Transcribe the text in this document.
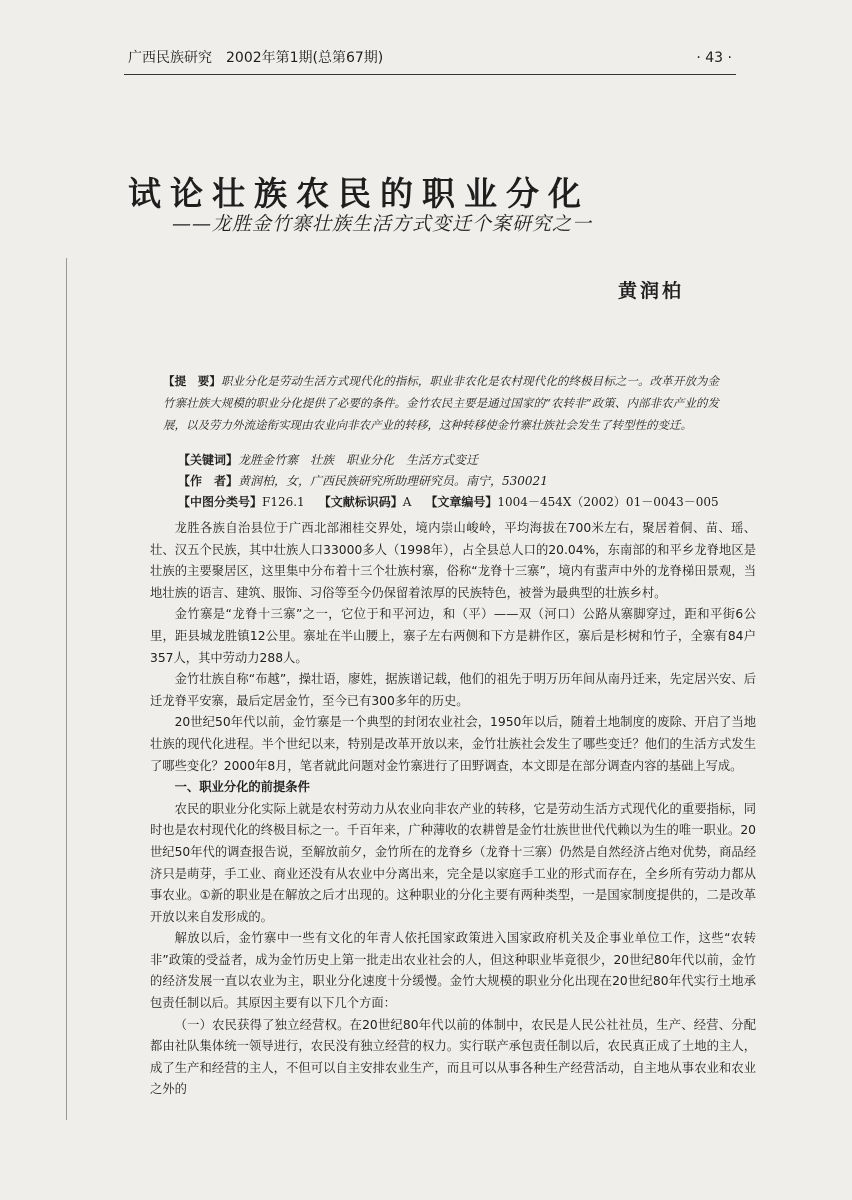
广西民族研究　2002年第1期(总第67期)	· 43 ·
试论壮族农民的职业分化
——龙胜金竹寨壮族生活方式变迁个案研究之一
黄润柏
【提　要】职业分化是劳动生活方式现代化的指标，职业非农化是农村现代化的终极目标之一。改革开放为金竹寨壮族大规模的职业分化提供了必要的条件。金竹农民主要是通过国家的“农转非”政策、内部非农产业的发展，以及劳力外流途衔实现由农业向非农产业的转移，这种转移使金竹寨壮族社会发生了转型性的变迁。
【关键词】龙胜金竹寨　壮族　职业分化　生活方式变迁
【作　者】黄润柏，女，广西民族研究所助理研究员。南宁，530021
【中图分类号】F126.1 【文献标识码】A 【文章编号】1004－454X（2002）01－0043－005

龙胜各族自治县位于广西北部湘桂交界处，境内崇山峻岭，平均海拔在700米左右，聚居着侗、苗、瑶、壮、汉五个民族，其中壮族人口33000多人（1998年），占全县总人口的20.04%，东南部的和平乡龙脊地区是壮族的主要聚居区，这里集中分布着十三个壮族村寨，俗称“龙脊十三寨”，境内有蜚声中外的龙脊梯田景观，当地壮族的语言、建筑、服饰、习俗等至今仍保留着浓厚的民族特色，被誉为最典型的壮族乡村。

金竹寨是“龙脊十三寨”之一，它位于和平河边，和（平）——双（河口）公路从寨脚穿过，距和平街6公里，距县城龙胜镇12公里。寨址在半山腰上，寨子左右两侧和下方是耕作区，寨后是杉树和竹子，全寨有84户357人，其中劳动力288人。

金竹壮族自称“布越”，操壮语，廖姓，据族谱记载，他们的祖先于明万历年间从南丹迁来，先定居兴安、后迁龙脊平安寨，最后定居金竹，至今已有300多年的历史。

20世纪50年代以前，金竹寨是一个典型的封闭农业社会，1950年以后，随着土地制度的废除、开启了当地壮族的现代化进程。半个世纪以来，特别是改革开放以来，金竹壮族社会发生了哪些变迁？他们的生活方式发生了哪些变化？2000年8月，笔者就此问题对金竹寨进行了田野调查，本文即是在部分调查内容的基础上写成。

一、职业分化的前提条件

农民的职业分化实际上就是农村劳动力从农业向非农产业的转移，它是劳动生活方式现代化的重要指标，同时也是农村现代化的终极目标之一。千百年来，广种薄收的农耕曾是金竹壮族世世代代赖以为生的唯一职业。20世纪50年代的调查报告说，至解放前夕，金竹所在的龙脊乡（龙脊十三寨）仍然是自然经济占绝对优势，商品经济只是萌芽，手工业、商业还没有从农业中分离出来，完全是以家庭手工业的形式而存在，全乡所有劳动力都从事农业。①新的职业是在解放之后才出现的。这种职业的分化主要有两种类型，一是国家制度提供的，二是改革开放以来自发形成的。

解放以后，金竹寨中一些有文化的年青人依托国家政策进入国家政府机关及企事业单位工作，这些“农转非”政策的受益者，成为金竹历史上第一批走出农业社会的人，但这种职业毕竟很少，20世纪80年代以前，金竹的经济发展一直以农业为主，职业分化速度十分缓慢。金竹大规模的职业分化出现在20世纪80年代实行土地承包责任制以后。其原因主要有以下几个方面：

（一）农民获得了独立经营权。在20世纪80年代以前的体制中，农民是人民公社社员，生产、经营、分配都由社队集体统一领导进行，农民没有独立经营的权力。实行联产承包责任制以后，农民真正成了土地的主人，成了生产和经营的主人，不但可以自主安排农业生产，而且可以从事各种生产经营活动，自主地从事农业和农业之外的
